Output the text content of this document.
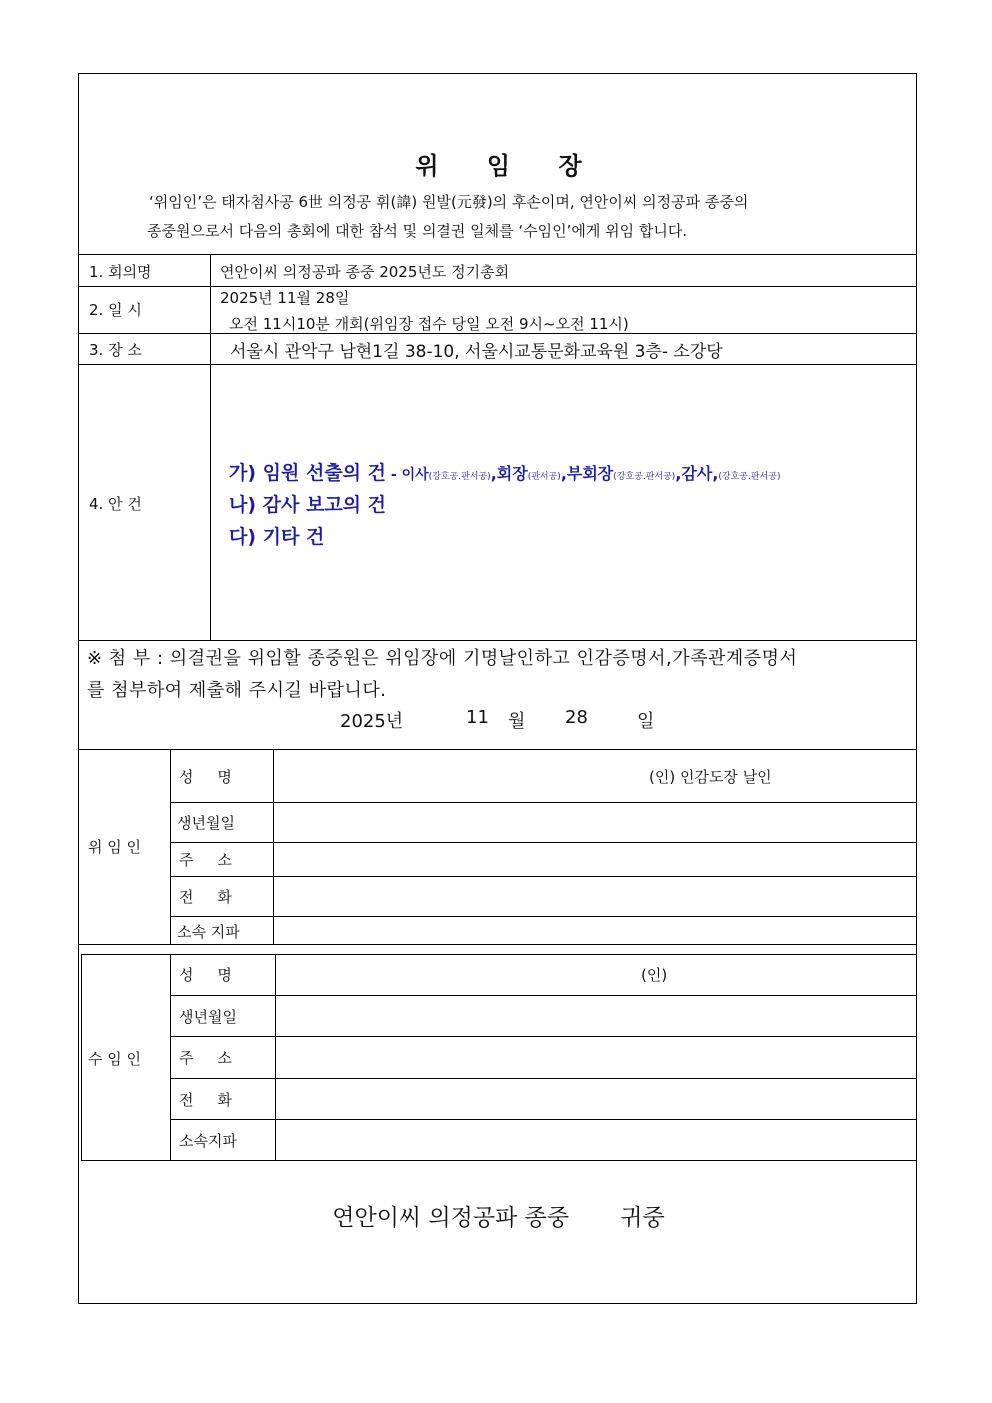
위 임 장
‘위임인’은 태자첨사공 6世 의정공 휘(諱) 원발(元發)의 후손이며, 연안이씨 의정공파 종중의
종중원으로서 다음의 총회에 대한 참석 및 의결권 일체를 ‘수임인’에게 위임 합니다.
1. 회의명	연안이씨 의정공파 종중 2025년도 정기총회
2. 일 시
2025년 11월 28일
오전 11시10분 개회(위임장 접수 당일 오전 9시~오전 11시)
3. 장 소	서울시 관악구 남현1길 38-10, 서울시교통문화교육원 3층- 소강당
4. 안 건
가) 임원 선출의 건 - 이사(강호공.판서공),회장(판서공),부회장(강호공.판서공),감사,(강호공.판서공)
나) 감사 보고의 건
다) 기타 건
※ 첨 부 : 의결권을 위임할 종중원은 위임장에 기명날인하고 인감증명서,가족관계증명서
를 첨부하여 제출해 주시길 바랍니다.
2025년	11 월 28	일
위 임 인
성     명	(인) 인감도장 날인
생년월일
주     소
전     화
소속 지파
수 임 인
성     명	(인)
생년월일
주     소
전     화
소속지파
연안이씨 의정공파 종중       귀중
